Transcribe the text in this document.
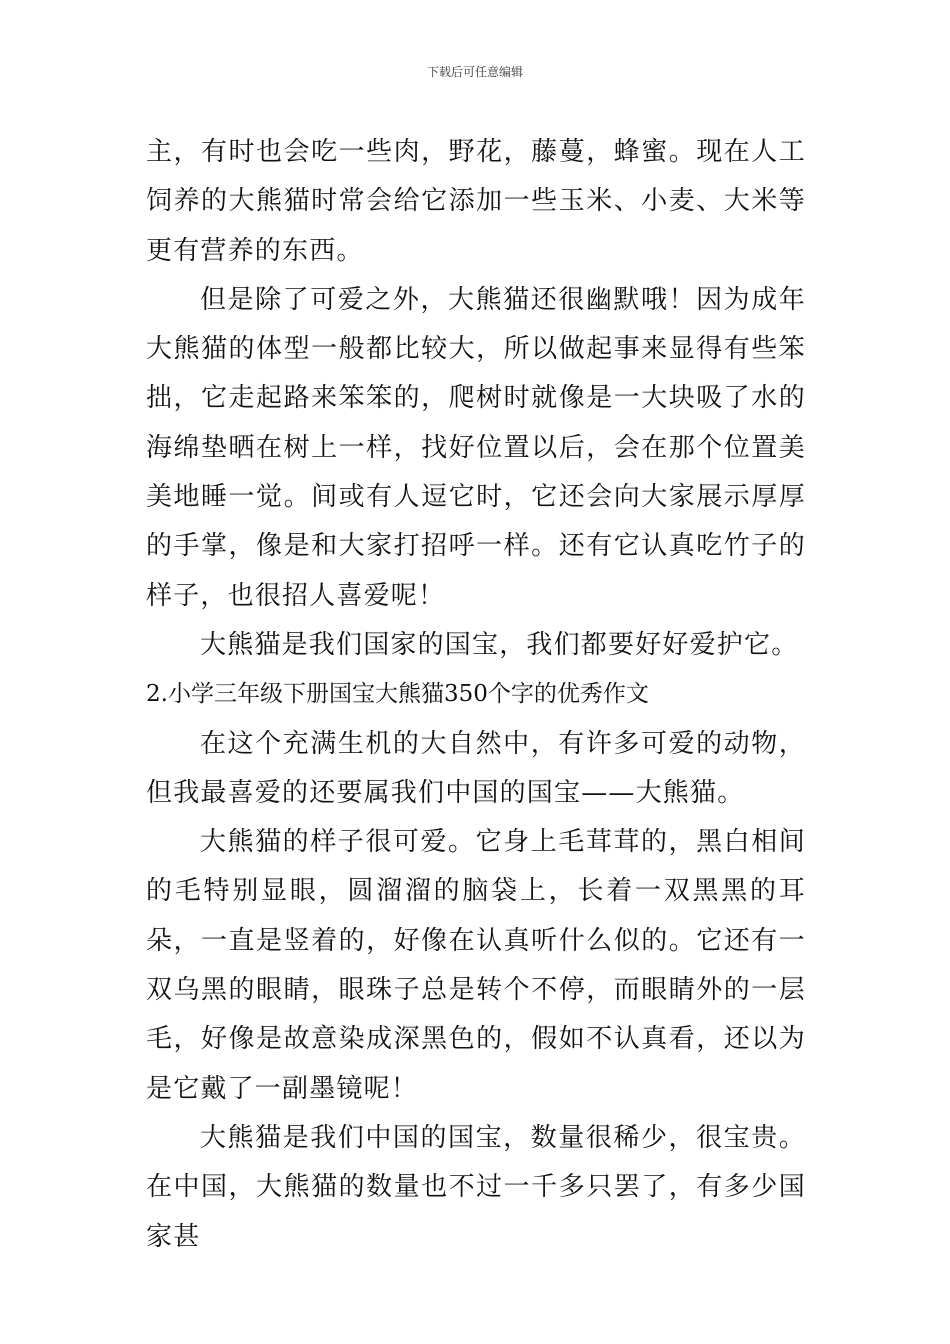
下载后可任意编辑

主，有时也会吃一些肉，野花，藤蔓，蜂蜜。现在人工饲养的大熊猫时常会给它添加一些玉米、小麦、大米等更有营养的东西。

但是除了可爱之外，大熊猫还很幽默哦！因为成年大熊猫的体型一般都比较大，所以做起事来显得有些笨拙，它走起路来笨笨的，爬树时就像是一大块吸了水的海绵垫晒在树上一样，找好位置以后，会在那个位置美美地睡一觉。间或有人逗它时，它还会向大家展示厚厚的手掌，像是和大家打招呼一样。还有它认真吃竹子的样子，也很招人喜爱呢！

大熊猫是我们国家的国宝，我们都要好好爱护它。

2.小学三年级下册国宝大熊猫350个字的优秀作文

在这个充满生机的大自然中，有许多可爱的动物，但我最喜爱的还要属我们中国的国宝——大熊猫。

大熊猫的样子很可爱。它身上毛茸茸的，黑白相间的毛特别显眼，圆溜溜的脑袋上，长着一双黑黑的耳朵，一直是竖着的，好像在认真听什么似的。它还有一双乌黑的眼睛，眼珠子总是转个不停，而眼睛外的一层毛，好像是故意染成深黑色的，假如不认真看，还以为是它戴了一副墨镜呢！

大熊猫是我们中国的国宝，数量很稀少，很宝贵。在中国，大熊猫的数量也不过一千多只罢了，有多少国家甚
